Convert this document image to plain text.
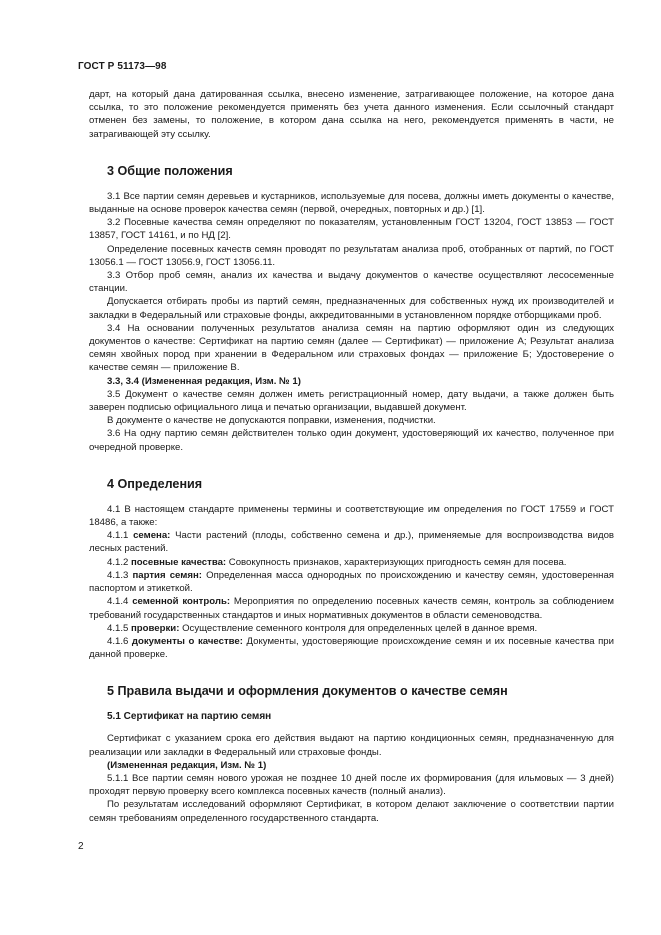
ГОСТ Р 51173—98

дарт, на который дана датированная ссылка, внесено изменение, затрагивающее положение, на которое дана ссылка, то это положение рекомендуется применять без учета данного изменения. Если ссылочный стандарт отменен без замены, то положение, в котором дана ссылка на него, рекомендуется применять в части, не затрагивающей эту ссылку.

3 Общие положения

3.1 Все партии семян деревьев и кустарников, используемые для посева, должны иметь документы о качестве, выданные на основе проверок качества семян (первой, очередных, повторных и др.) [1].

3.2 Посевные качества семян определяют по показателям, установленным ГОСТ 13204, ГОСТ 13853 — ГОСТ 13857, ГОСТ 14161, и по НД [2].

Определение посевных качеств семян проводят по результатам анализа проб, отобранных от партий, по ГОСТ 13056.1 — ГОСТ 13056.9, ГОСТ 13056.11.

3.3 Отбор проб семян, анализ их качества и выдачу документов о качестве осуществляют лесосеменные станции.

Допускается отбирать пробы из партий семян, предназначенных для собственных нужд их производителей и закладки в Федеральный или страховые фонды, аккредитованными в установленном порядке отборщиками проб.

3.4 На основании полученных результатов анализа семян на партию оформляют один из следующих документов о качестве: Сертификат на партию семян (далее — Сертификат) — приложение А; Результат анализа семян хвойных пород при хранении в Федеральном или страховых фондах — приложение Б; Удостоверение о качестве семян — приложение В.

3.3, 3.4 (Измененная редакция, Изм. № 1)

3.5 Документ о качестве семян должен иметь регистрационный номер, дату выдачи, а также должен быть заверен подписью официального лица и печатью организации, выдавшей документ.

В документе о качестве не допускаются поправки, изменения, подчистки.

3.6 На одну партию семян действителен только один документ, удостоверяющий их качество, полученное при очередной проверке.

4 Определения

4.1 В настоящем стандарте применены термины и соответствующие им определения по ГОСТ 17559 и ГОСТ 18486, а также:

4.1.1 семена: Части растений (плоды, собственно семена и др.), применяемые для воспроизводства видов лесных растений.

4.1.2 посевные качества: Совокупность признаков, характеризующих пригодность семян для посева.

4.1.3 партия семян: Определенная масса однородных по происхождению и качеству семян, удостоверенная паспортом и этикеткой.

4.1.4 семенной контроль: Мероприятия по определению посевных качеств семян, контроль за соблюдением требований государственных стандартов и иных нормативных документов в области семеноводства.

4.1.5 проверки: Осуществление семенного контроля для определенных целей в данное время.

4.1.6 документы о качестве: Документы, удостоверяющие происхождение семян и их посевные качества при данной проверке.

5 Правила выдачи и оформления документов о качестве семян
5.1 Сертификат на партию семян

Сертификат с указанием срока его действия выдают на партию кондиционных семян, предназначенную для реализации или закладки в Федеральный или страховые фонды.

(Измененная редакция, Изм. № 1)

5.1.1 Все партии семян нового урожая не позднее 10 дней после их формирования (для ильмовых — 3 дней) проходят первую проверку всего комплекса посевных качеств (полный анализ).

По результатам исследований оформляют Сертификат, в котором делают заключение о соответствии партии семян требованиям определенного государственного стандарта.

2
